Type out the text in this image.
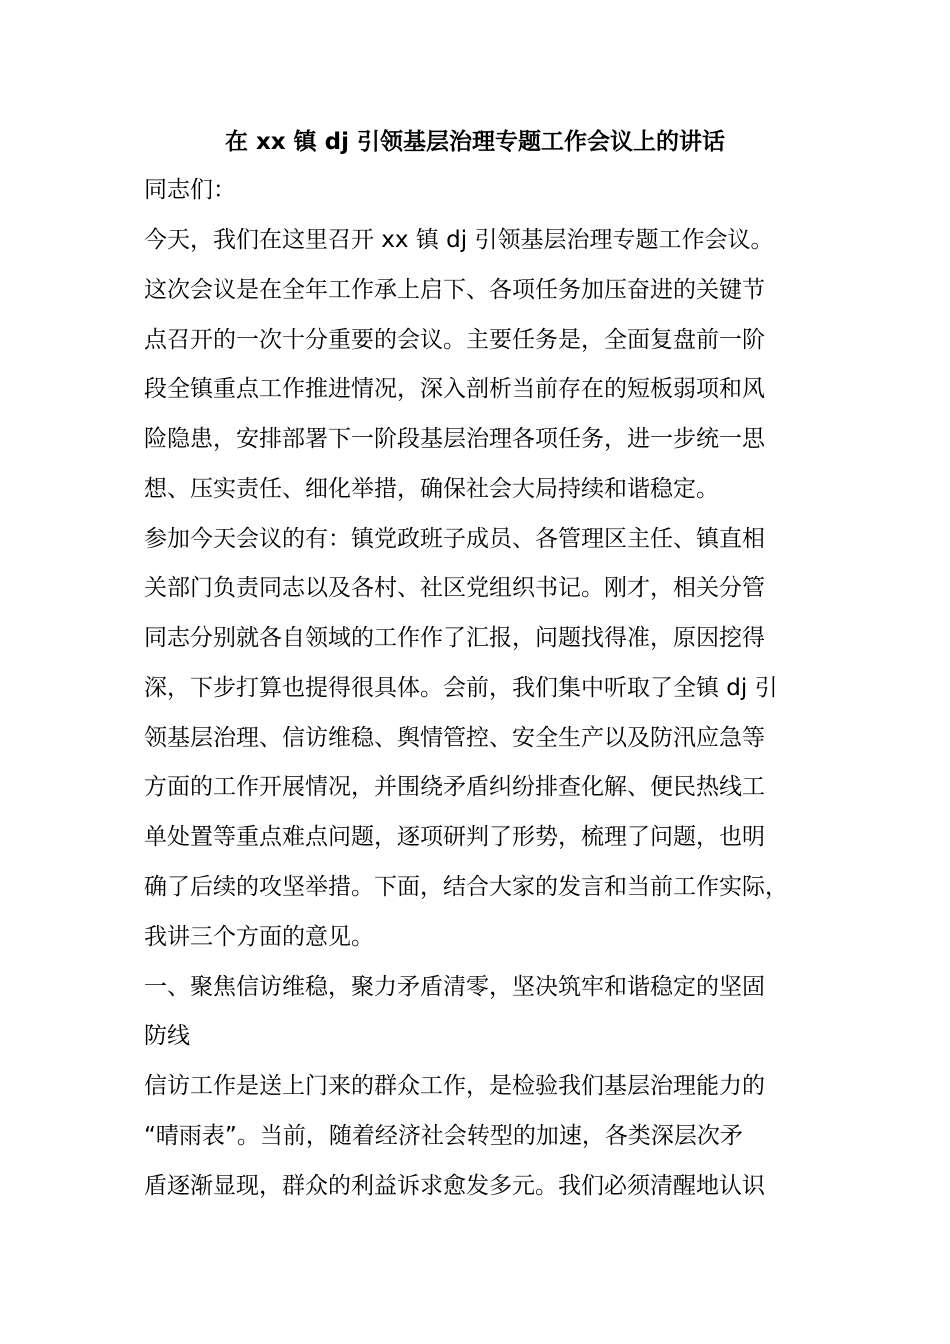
在 xx 镇 dj 引领基层治理专题工作会议上的讲话
同志们：
今天，我们在这里召开 xx 镇 dj 引领基层治理专题工作会议。
这次会议是在全年工作承上启下、各项任务加压奋进的关键节
点召开的一次十分重要的会议。主要任务是，全面复盘前一阶
段全镇重点工作推进情况，深入剖析当前存在的短板弱项和风
险隐患，安排部署下一阶段基层治理各项任务，进一步统一思
想、压实责任、细化举措，确保社会大局持续和谐稳定。
参加今天会议的有：镇党政班子成员、各管理区主任、镇直相
关部门负责同志以及各村、社区党组织书记。刚才，相关分管
同志分别就各自领域的工作作了汇报，问题找得准，原因挖得
深，下步打算也提得很具体。会前，我们集中听取了全镇 dj 引
领基层治理、信访维稳、舆情管控、安全生产以及防汛应急等
方面的工作开展情况，并围绕矛盾纠纷排查化解、便民热线工
单处置等重点难点问题，逐项研判了形势，梳理了问题，也明
确了后续的攻坚举措。下面，结合大家的发言和当前工作实际，
我讲三个方面的意见。
一、聚焦信访维稳，聚力矛盾清零，坚决筑牢和谐稳定的坚固
防线
信访工作是送上门来的群众工作，是检验我们基层治理能力的
“晴雨表”。当前，随着经济社会转型的加速，各类深层次矛
盾逐渐显现，群众的利益诉求愈发多元。我们必须清醒地认识
